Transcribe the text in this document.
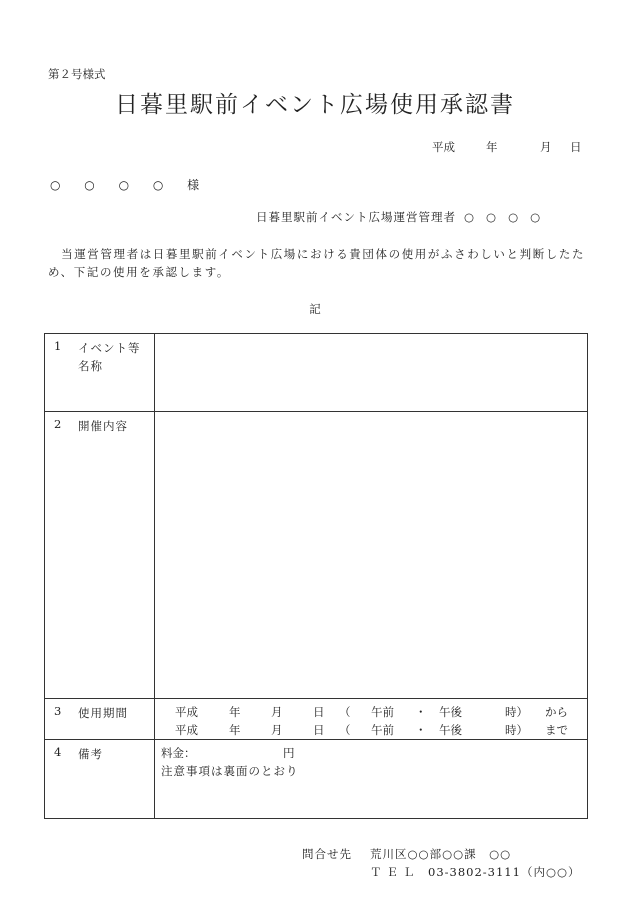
第２号様式
日暮里駅前イベント広場使用承認書
平成	年	月 日
○ ○ ○ ○ 様
日暮里駅前イベント広場運営管理者 ○○○○
　当運営管理者は日暮里駅前イベント広場における貴団体の使用がふさわしいと判断したため、下記の使用を承認します。
記
1 イベント等名称
2 開催内容
3 使用期間	平成	年	月	日 （ 午前 ・ 午後	時） から
平成	年	月	日 （ 午前 ・ 午後	時） まで
4 備考	料金：	円
注意事項は裏面のとおり
問合せ先 荒川区○○部○○課　○○
ＴＥＬ 03-3802-3111（内○○）
